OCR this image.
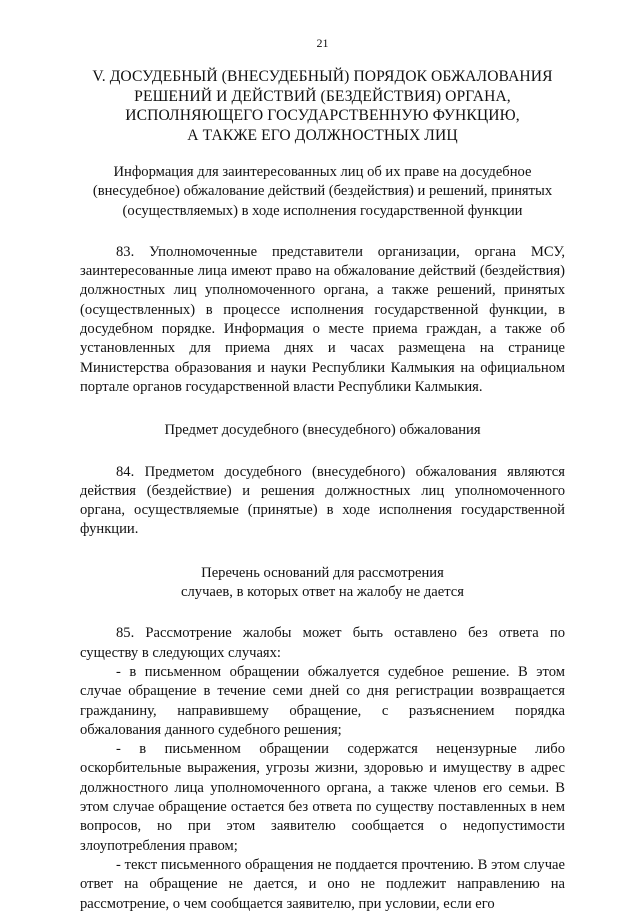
21
V. ДОСУДЕБНЫЙ (ВНЕСУДЕБНЫЙ) ПОРЯДОК ОБЖАЛОВАНИЯ
РЕШЕНИЙ И ДЕЙСТВИЙ (БЕЗДЕЙСТВИЯ) ОРГАНА,
ИСПОЛНЯЮЩЕГО ГОСУДАРСТВЕННУЮ ФУНКЦИЮ,
А ТАКЖЕ ЕГО ДОЛЖНОСТНЫХ ЛИЦ
Информация для заинтересованных лиц об их праве на досудебное
(внесудебное) обжалование действий (бездействия) и решений, принятых
(осуществляемых) в ходе исполнения государственной функции

83. Уполномоченные представители организации, органа МСУ, заинтересованные лица имеют право на обжалование действий (бездействия) должностных лиц уполномоченного органа, а также решений, принятых (осуществленных) в процессе исполнения государственной функции, в досудебном порядке. Информация о месте приема граждан, а также об установленных для приема днях и часах размещена на странице Министерства образования и науки Республики Калмыкия на официальном портале органов государственной власти Республики Калмыкия.

Предмет досудебного (внесудебного) обжалования

84. Предметом досудебного (внесудебного) обжалования являются действия (бездействие) и решения должностных лиц уполномоченного органа, осуществляемые (принятые) в ходе исполнения государственной функции.

Перечень оснований для рассмотрения
случаев, в которых ответ на жалобу не дается

85. Рассмотрение жалобы может быть оставлено без ответа по существу в следующих случаях:

- в письменном обращении обжалуется судебное решение. В этом случае обращение в течение семи дней со дня регистрации возвращается гражданину, направившему обращение, с разъяснением порядка обжалования данного судебного решения;

- в письменном обращении содержатся нецензурные либо оскорбительные выражения, угрозы жизни, здоровью и имуществу в адрес должностного лица уполномоченного органа, а также членов его семьи. В этом случае обращение остается без ответа по существу поставленных в нем вопросов, но при этом заявителю сообщается о недопустимости злоупотребления правом;

- текст письменного обращения не поддается прочтению. В этом случае ответ на обращение не дается, и оно не подлежит направлению на рассмотрение, о чем сообщается заявителю, при условии, если его
